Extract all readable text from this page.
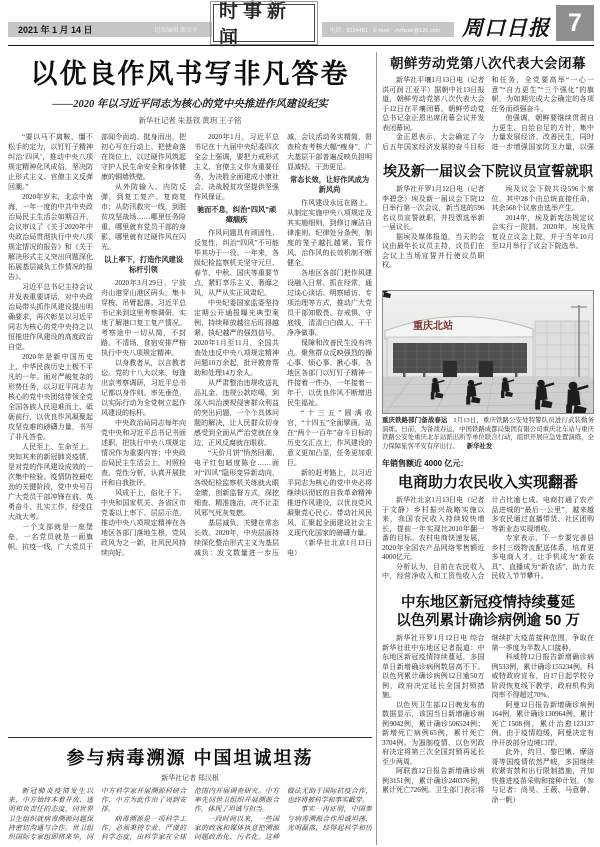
2021 年 1 月 14 日	组版编辑 邵文平
时事新闻	电话：8224481　E-mail：zkrbxsb@126.com 周口日报 7
以优良作风书写非凡答卷
——2020 年以习近平同志为核心的党中央推进作风建设纪实
新华社记者 朱基钗 黄玥 王子铭
“要以马不离鞍、缰不松手的定力，以钉钉子精神纠治‘四风’，推动中央八项规定精神化风成俗，坚决防止形式主义、官僚主义反弹回潮。”
2020年岁末，北京中南海，一年一度的中共中央政治局民主生活会如期召开，会议审议了《关于2020年中央政治局贯彻执行中央八项规定情况的报告》和《关于解决形式主义突出问题深化拓展基层减负工作情况的报告》。
习近平总书记主持会议并发表重要讲话，对中央政治局带头抓作风建设提出明确要求，再次彰显以习近平同志为核心的党中央持之以恒推进作风建设的高度政治自觉。
2020年是新中国历史上、中华民族历史上极不平凡的一年。面对严峻复杂的形势任务，以习近平同志为核心的党中央团结带领全党全国各族人民迎难而上、砥砺前行，以优良作风凝聚起攻坚克难的磅礴力量，书写了非凡答卷。
人民至上、生命至上。突如其来的新冠肺炎疫情，是对党的作风建设成效的一次集中检验。疫情防控最吃劲的关键阶段，党中央号召广大党员干部冲锋在前、英勇奋斗、扎实工作，经受住大战大考。
一个支部就是一座堡垒，一名党员就是一面旗帜。抗疫一线，广大党员干部闻令而动、挺身而出，把初心写在行动上、把使命落在岗位上，以过硬作风筑起守护人民生命安全和身体健康的铜墙铁壁。
从外防输入、内防反弹，到复工复产、复商复市；从防汛救灾一线，到脱贫攻坚战场……哪里任务险重，哪里就有党员干部的身影，哪里就有过硬作风在闪光。
以上率下，打造作风建设标杆引领
2020年3月29日，宁波舟山港穿山港区码头，集卡穿梭、吊臂起落。习近平总书记来到这里考察调研，实地了解港口复工复产情况。考察途中一切从简，不封路、不清场，食宿安排严格执行中央八项规定精神。
以身教者从，以言教者讼。党的十八大以来，每逢出京考察调研，习近平总书记都以身作则、率先垂范，以实际行动为全党树立起作风建设的标杆。
中央政治局同志每年向党中央和习近平总书记书面述职，把执行中央八项规定情况作为重要内容；中央政治局民主生活会上，对照检查、党性分析，认真开展批评和自我批评。
风成于上，俗化于下。中央和国家机关、各省区市党委以上率下、层层示范，推动中央八项规定精神在各地区各部门落地生根，党风政风为之一新，社风民风持续向好。
2020年1月，习近平总书记在十九届中央纪委四次全会上强调，要把力戒形式主义、官僚主义作为重要任务，为决胜全面建成小康社会、决战脱贫攻坚提供坚强作风保证。
驰而不息，纠治“四风”顽瘴痼疾
作风问题具有顽固性、反复性，纠治“四风”不可能毕其功于一役。一年来，各级纪检监察机关坚守元旦、春节、中秋、国庆等重要节点，紧盯享乐主义、奢靡之风，从严从实正风肃纪。
中央纪委国家监委坚持定期公开通报曝光典型案例，持续释放越往后盯得越紧、执纪越严的强烈信号。2020年1月至11月，全国共查处违反中央八项规定精神问题10万余起，批评教育帮助和处理14万余人。
从严肃整治违规收送礼品礼金、违规公款吃喝，到深入纠治漠视侵害群众利益的突出问题，一个个具体问题的解决，让人民群众切身感受到全面从严治党就在身边、正风反腐就在眼前。
“天价月饼”悄然回潮、电子红包暗度陈仓……面对“四风”隐形变异新动向，各级纪检监察机关练就火眼金睛，创新监督方式，深挖细查、精准施治，决不让歪风邪气死灰复燃。
基层减负，关键在常态长效。2020年，中央层面持续深化整治形式主义为基层减负：发文数量进一步压减，会议活动务实精简，督查检查考核大幅“瘦身”，广大基层干部普遍反映负担明显减轻、干劲更足。
常态长效，让好作风成为新风尚
作风建设永远在路上。从制定实施中央八项规定及其实施细则，到修订廉洁自律准则、纪律处分条例，制度的笼子越扎越紧，管作风、治作风的长效机制不断健全。
各地区各部门把作风建设融入日常、抓在经常，通过谈心谈话、明察暗访、专项治理等方式，推动广大党员干部知敬畏、存戒惧、守底线，清清白白做人、干干净净做事。
保障和改善民生没有终点。聚焦群众反映强烈的操心事、烦心事、揪心事，各地区各部门以钉钉子精神一件接着一件办，一年接着一年干，以优良作风不断增进民生福祉。
“十三五”圆满收官，“十四五”全面擘画。站在“两个一百年”奋斗目标的历史交汇点上，作风建设的意义更加凸显，任务更加艰巨。
新的赶考路上，以习近平同志为核心的党中央必将继续以彻底的自我革命精神推进作风建设，以优良党风凝聚党心民心、带动社风民风，汇聚起全面建设社会主义现代化国家的磅礴力量。
（新华社北京1月13日电）
参与病毒溯源 中国坦诚坦荡
新华社记者 郑汉根
新冠肺炎疫情发生以来，中方始终本着开放、透明和负责任的态度，同世界卫生组织就病毒溯源问题保持密切沟通与合作。世卫组织国际专家组即将来华，同中方科学家开展溯源科研合作，中方为此作出了周到安排。
病毒溯源是一项科学工作，必须秉持专业、严谨的科学态度，由科学家在全球范围内开展调查研究。中方率先同世卫组织开展溯源合作，体现了坦诚与担当。
一段时间以来，一些国家的政客和媒体执意把溯源问题政治化、污名化。这种做法无助于国际抗疫合作，也终将被科学和事实戳穿。
事实一再证明，中国参与病毒溯源合作坦诚坦荡、光明磊落，经得起科学和历
朝鲜劳动党第八次代表大会闭幕
新华社平壤1月13日电（记者洪可润 江亚平）据朝中社13日报道，朝鲜劳动党第八次代表大会于12日在平壤闭幕。朝鲜劳动党总书记金正恩出席闭幕会议并发表闭幕词。
金正恩表示，大会确定了今后五年国家经济发展的奋斗目标和任务，全党要高举“一心一意”“自力更生”“三个强化”的旗帜，为如期完成大会确定的各项任务而顽强奋斗。
他强调，朝鲜要继续贯彻自力更生、自给自足的方针，集中力量发展经济、改善民生，同时进一步增强国家防卫力量，以强
埃及新一届议会下院议员宣誓就职
新华社开罗1月12日电（记者李碧念）埃及新一届议会下院12日举行第一次会议，新当选的596名议员宣誓就职，并投票选举新一届议长。
据埃及媒体报道，当天的会议由最年长议员主持，议员们在会议上当场宣誓并行使议员职权。
埃及议会下院共设596个席位，其中28个由总统直接任命，其余568个议席由选举产生。
2014年，埃及新宪法规定议会实行一院制。2020年，埃及恢复设立议会上院，并于当年10月至12月举行了议会下院选举。
重庆北站
重庆铁路部门备战春运 1月13日，重庆铁路公安处特警队员进行武装勤务演练。日前，为备战春运，中国铁路成都局集团有限公司重庆北车站与重庆铁路公安处重庆北车站派出所等单位联合行动，组织开展应急处置演练，全力保障旅客平安有序出行。 新华社发
年销售额近 4000 亿元：
电商助力农民收入实现翻番
新华社北京1月13日电（记者于文静）乡村振兴战略实施以来，我国农民收入持续较快增长，提前一年实现比2010年翻一番的目标。农村电商快速发展，2020年全国农产品网络零售额近4000亿元。
分析认为，目前在农民收入中，经营净收入和工资性收入合计占比逾七成。电商打通了农产品进城的“最后一公里”，越来越多农民通过直播带货、社区团购等新业态实现增收。
专家表示，下一步要完善县乡村三级物流配送体系，培育更多电商人才，让手机成为“新农具”、直播成为“新农活”，助力农民收入节节攀升。
中东地区新冠疫情持续蔓延
以色列累计确诊病例逾 50 万
新华社开罗1月12日电 综合新华社驻中东地区记者报道：中东地区新冠疫情持续蔓延，多国单日新增确诊病例数居高不下。以色列累计确诊病例12日逾50万例，政府决定延长全国封锁措施。
以色列卫生部12日晚发布的数据显示，该国当日新增确诊病例9042例，累计确诊506524例；新增死亡病例65例，累计死亡3704例。为遏制疫情，以色列政府决定将第三次全国封锁再延长至少两周。
阿联酋12日报告新增确诊病例3151例，累计确诊240376例，累计死亡726例。卫生部门表示将继续扩大疫苗接种范围，争取在第一季度为半数人口接种。
科威特12日报告新增确诊病例533例，累计确诊155234例。科威特政府宣布，自17日起学校分阶段恢复线下教学，政府机构到岗率不得超过70%。
阿曼12日报告新增确诊病例164例，累计确诊130964例，累计死亡1508例，累计治愈123137例。由于疫情趋缓，阿曼决定有序开放部分边境口岸。
此外，约旦、黎巴嫩、摩洛哥等国疫情依然严峻，多国继续收紧宵禁和出行限制措施，并加快推进疫苗采购和接种计划。（参与记者：尚昊、王薇、马意翀、涂一帆）
